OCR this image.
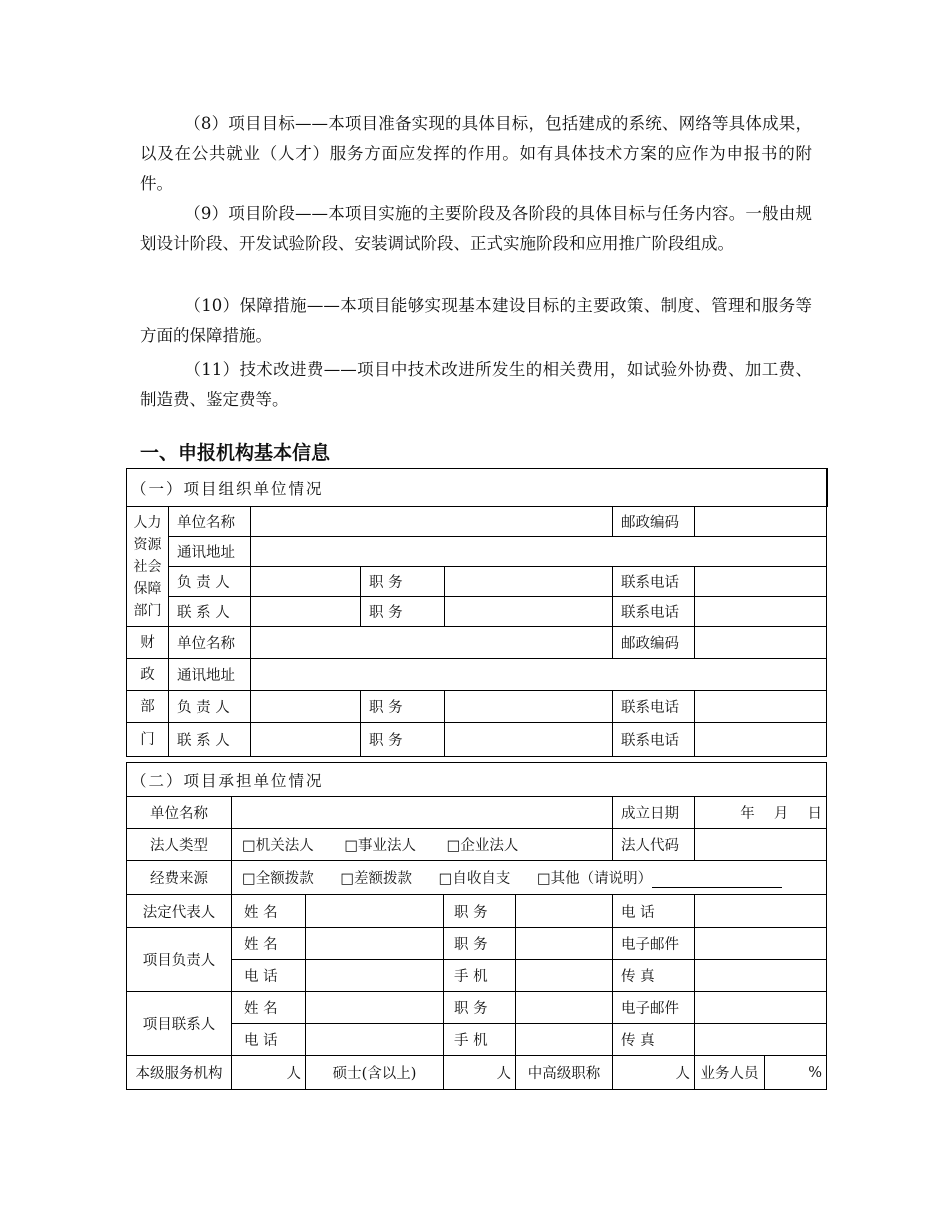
（8）项目目标——本项目准备实现的具体目标，包括建成的系统、网络等具体成果，以及在公共就业（人才）服务方面应发挥的作用。如有具体技术方案的应作为申报书的附件。

（9）项目阶段——本项目实施的主要阶段及各阶段的具体目标与任务内容。一般由规划设计阶段、开发试验阶段、安装调试阶段、正式实施阶段和应用推广阶段组成。

（10）保障措施——本项目能够实现基本建设目标的主要政策、制度、管理和服务等方面的保障措施。

（11）技术改进费——项目中技术改进所发生的相关费用，如试验外协费、加工费、制造费、鉴定费等。

一、申报机构基本信息
（一）项目组织单位情况						
人力资源社会保障部门	单位名称				邮政编码	
	通讯地址					
	负 责 人		职 务		联系电话	
	联 系 人		职 务		联系电话	
财	单位名称				邮政编码	
政	通讯地址					
部	负 责 人		职 务		联系电话	
门	联 系 人		职 务		联系电话	
（二）项目承担单位情况							
单位名称					成立日期	年　 月　 日	
法人类型	□机关法人 □事业法人 □企业法人				法人代码		
经费来源	□全额拨款 □差额拨款 □自收自支 □其他（请说明）						
法定代表人	姓 名		职 务		电 话		
项目负责人	姓 名		职 务		电子邮件		
	电 话		手 机		传 真		
项目联系人	姓 名		职 务		电子邮件		
	电 话		手 机		传 真		
本级服务机构	人	硕士(含以上)	人	中高级职称	人	业务人员	%
